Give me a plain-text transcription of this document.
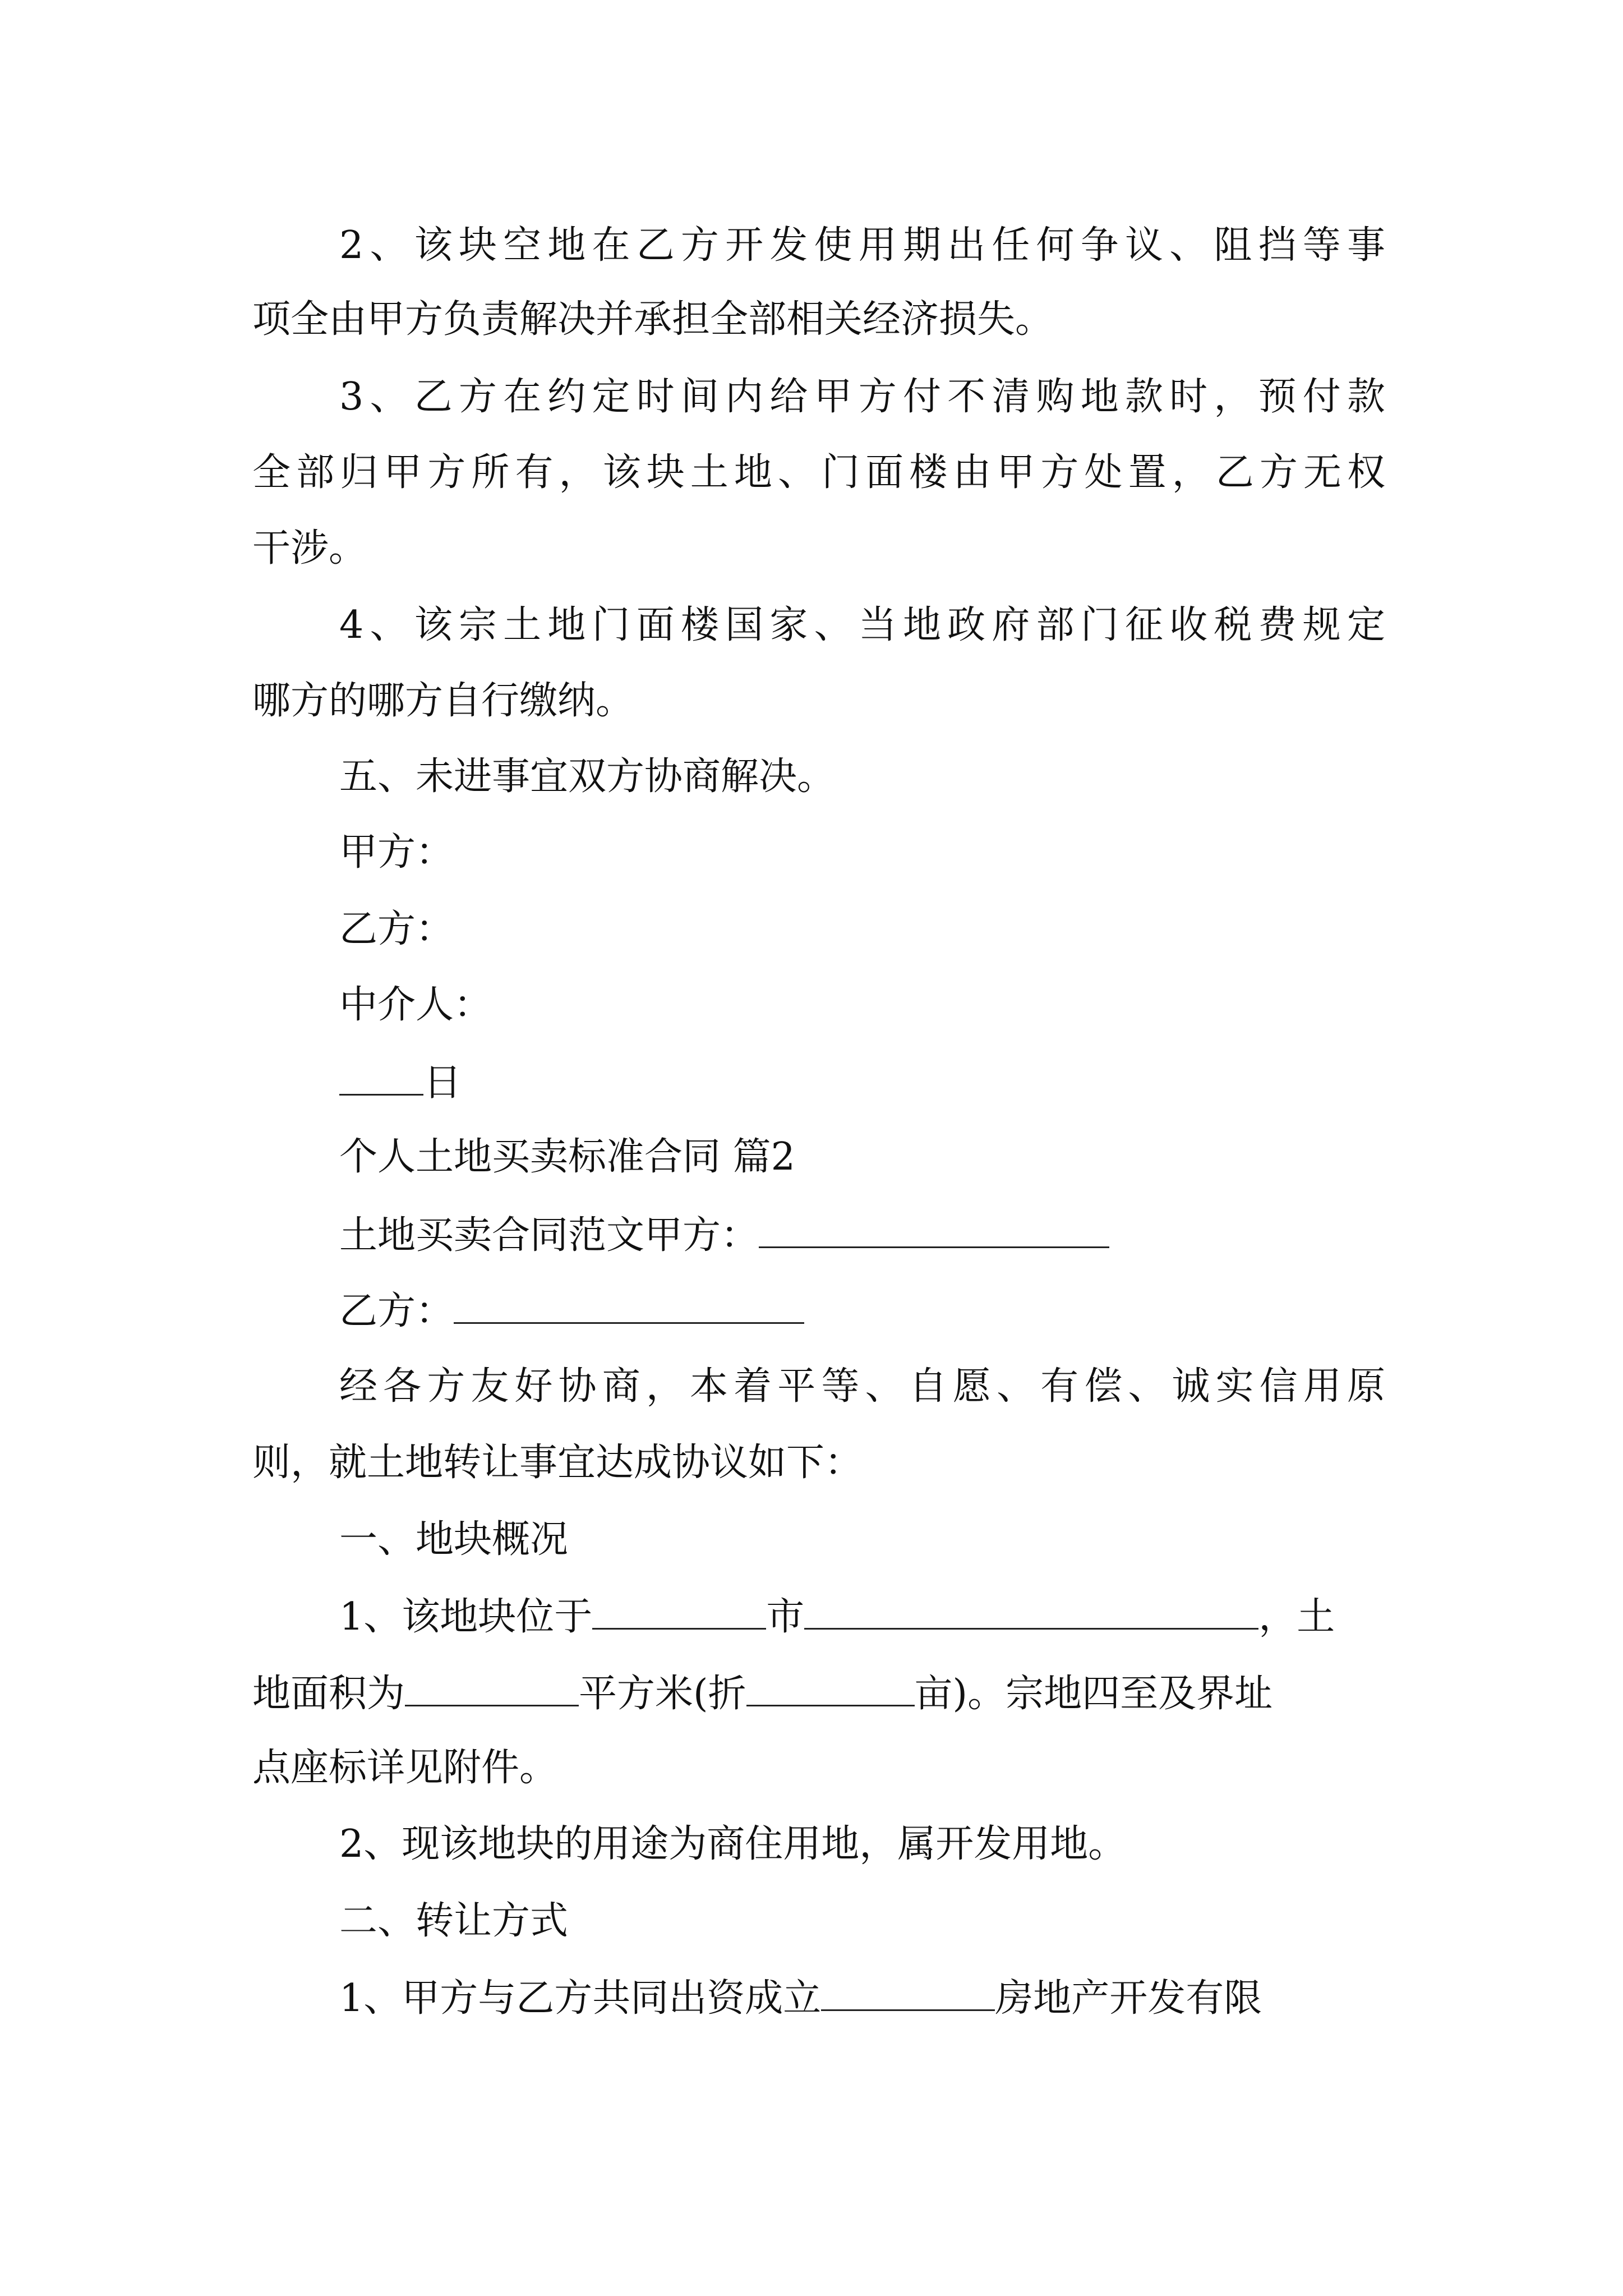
2、该块空地在乙方开发使用期出任何争议、阻挡等事
项全由甲方负责解决并承担全部相关经济损失。
3、乙方在约定时间内给甲方付不清购地款时，预付款
全部归甲方所有，该块土地、门面楼由甲方处置，乙方无权
干涉。
4、该宗土地门面楼国家、当地政府部门征收税费规定
哪方的哪方自行缴纳。
五、未进事宜双方协商解决。
甲方：
乙方：
中介人：
日
个人土地买卖标准合同 篇2
土地买卖合同范文甲方：
乙方：
经各方友好协商，本着平等、自愿、有偿、诚实信用原
则，就土地转让事宜达成协议如下：
一、地块概况
1、该地块位于	市	，土
地面积为	平方米(折	亩)。宗地四至及界址
点座标详见附件。
2、现该地块的用途为商住用地，属开发用地。
二、转让方式
1、甲方与乙方共同出资成立	房地产开发有限
